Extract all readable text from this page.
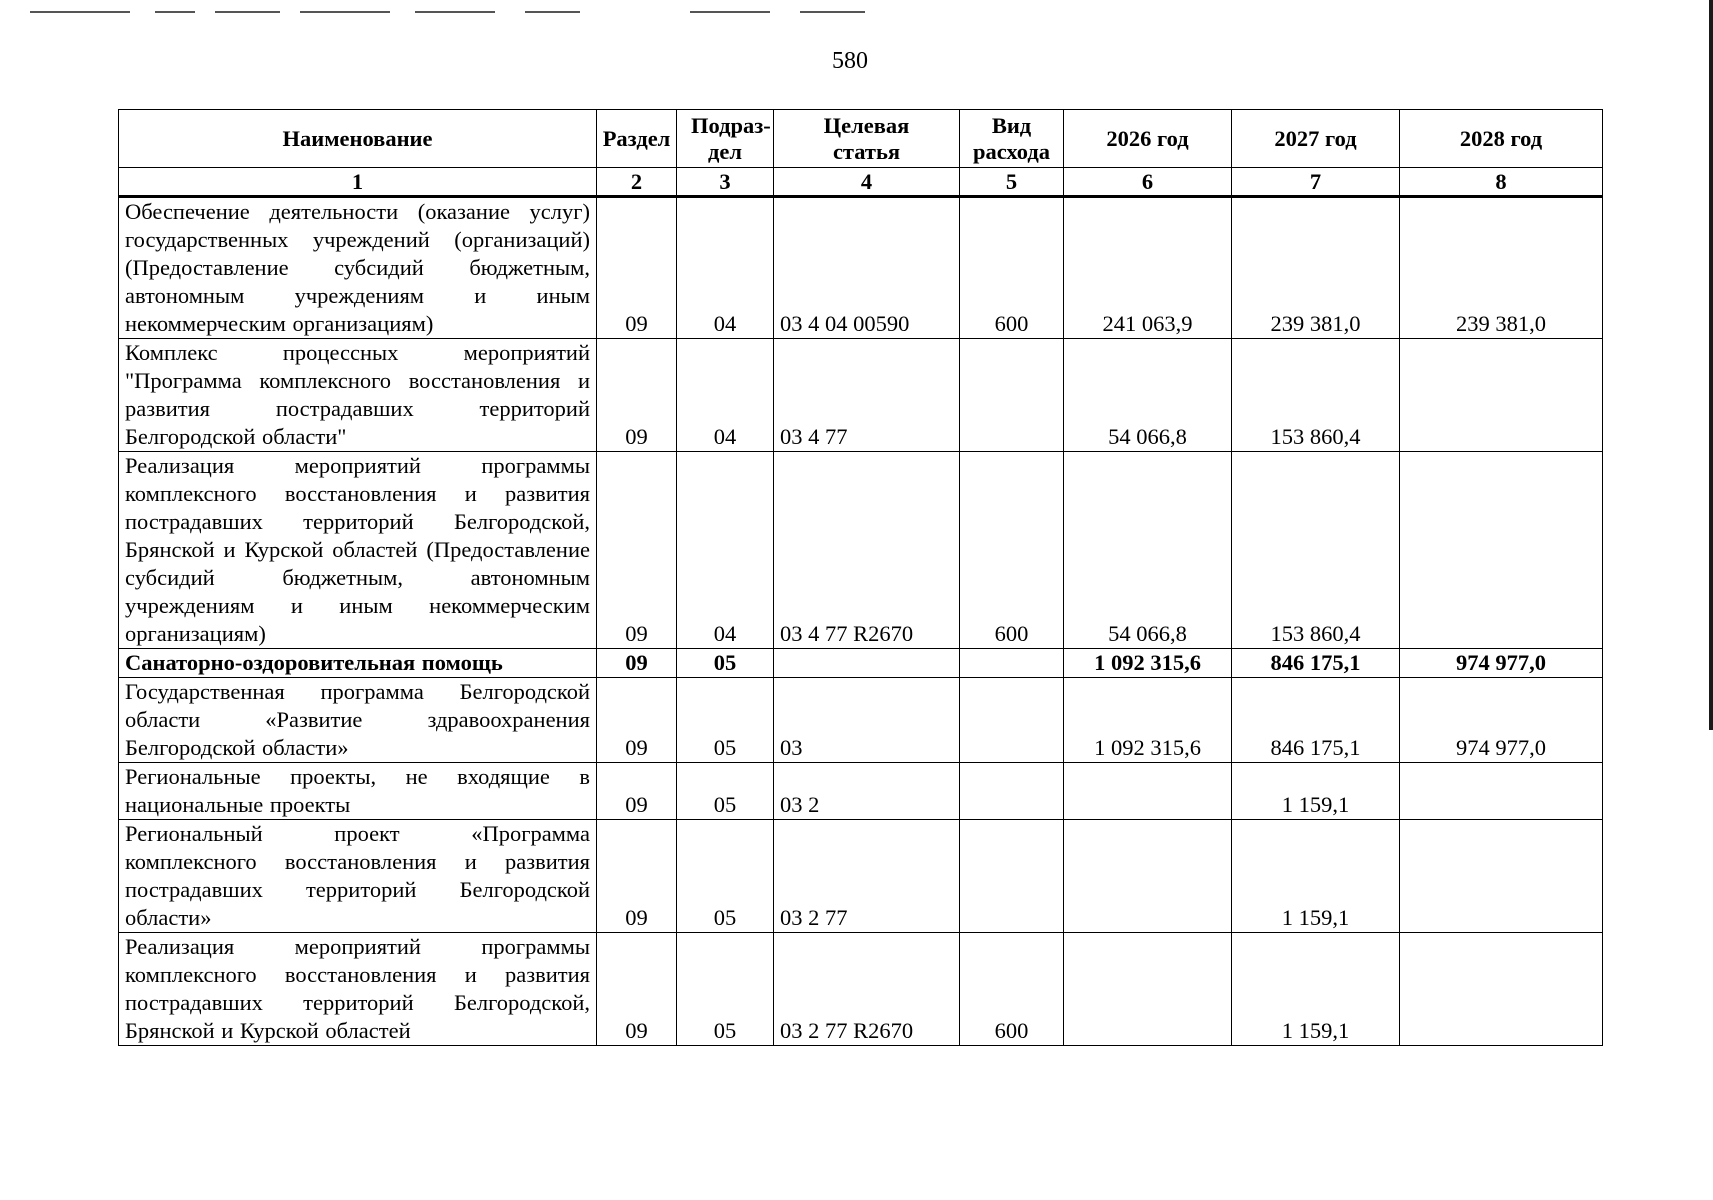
580
Наименование	Раздел	Подраз-дел	Целевая статья	Вид расхода	2026 год	2027 год	2028 год
1	2	3	4	5	6	7	8
Обеспечение деятельности (оказание услуг) государственных учреждений (организаций) (Предоставление субсидий бюджетным, автономным учреждениям и иным некоммерческим организациям)	09	04	03 4 04 00590	600	241 063,9	239 381,0	239 381,0
Комплекс процессных мероприятий "Программа комплексного восстановления и развития пострадавших территорий Белгородской области"	09	04	03 4 77		54 066,8	153 860,4	
Реализация мероприятий программы комплексного восстановления и развития пострадавших территорий Белгородской, Брянской и Курской областей (Предоставление субсидий бюджетным, автономным учреждениям и иным некоммерческим организациям)	09	04	03 4 77 R2670	600	54 066,8	153 860,4	
Санаторно-оздоровительная помощь	09	05			1 092 315,6	846 175,1	974 977,0
Государственная программа Белгородской области «Развитие здравоохранения Белгородской области»	09	05	03		1 092 315,6	846 175,1	974 977,0
Региональные проекты, не входящие в национальные проекты	09	05	03 2			1 159,1	
Региональный проект «Программа комплексного восстановления и развития пострадавших территорий Белгородской области»	09	05	03 2 77			1 159,1	
Реализация мероприятий программы комплексного восстановления и развития пострадавших территорий Белгородской, Брянской и Курской областей	09	05	03 2 77 R2670	600		1 159,1	
